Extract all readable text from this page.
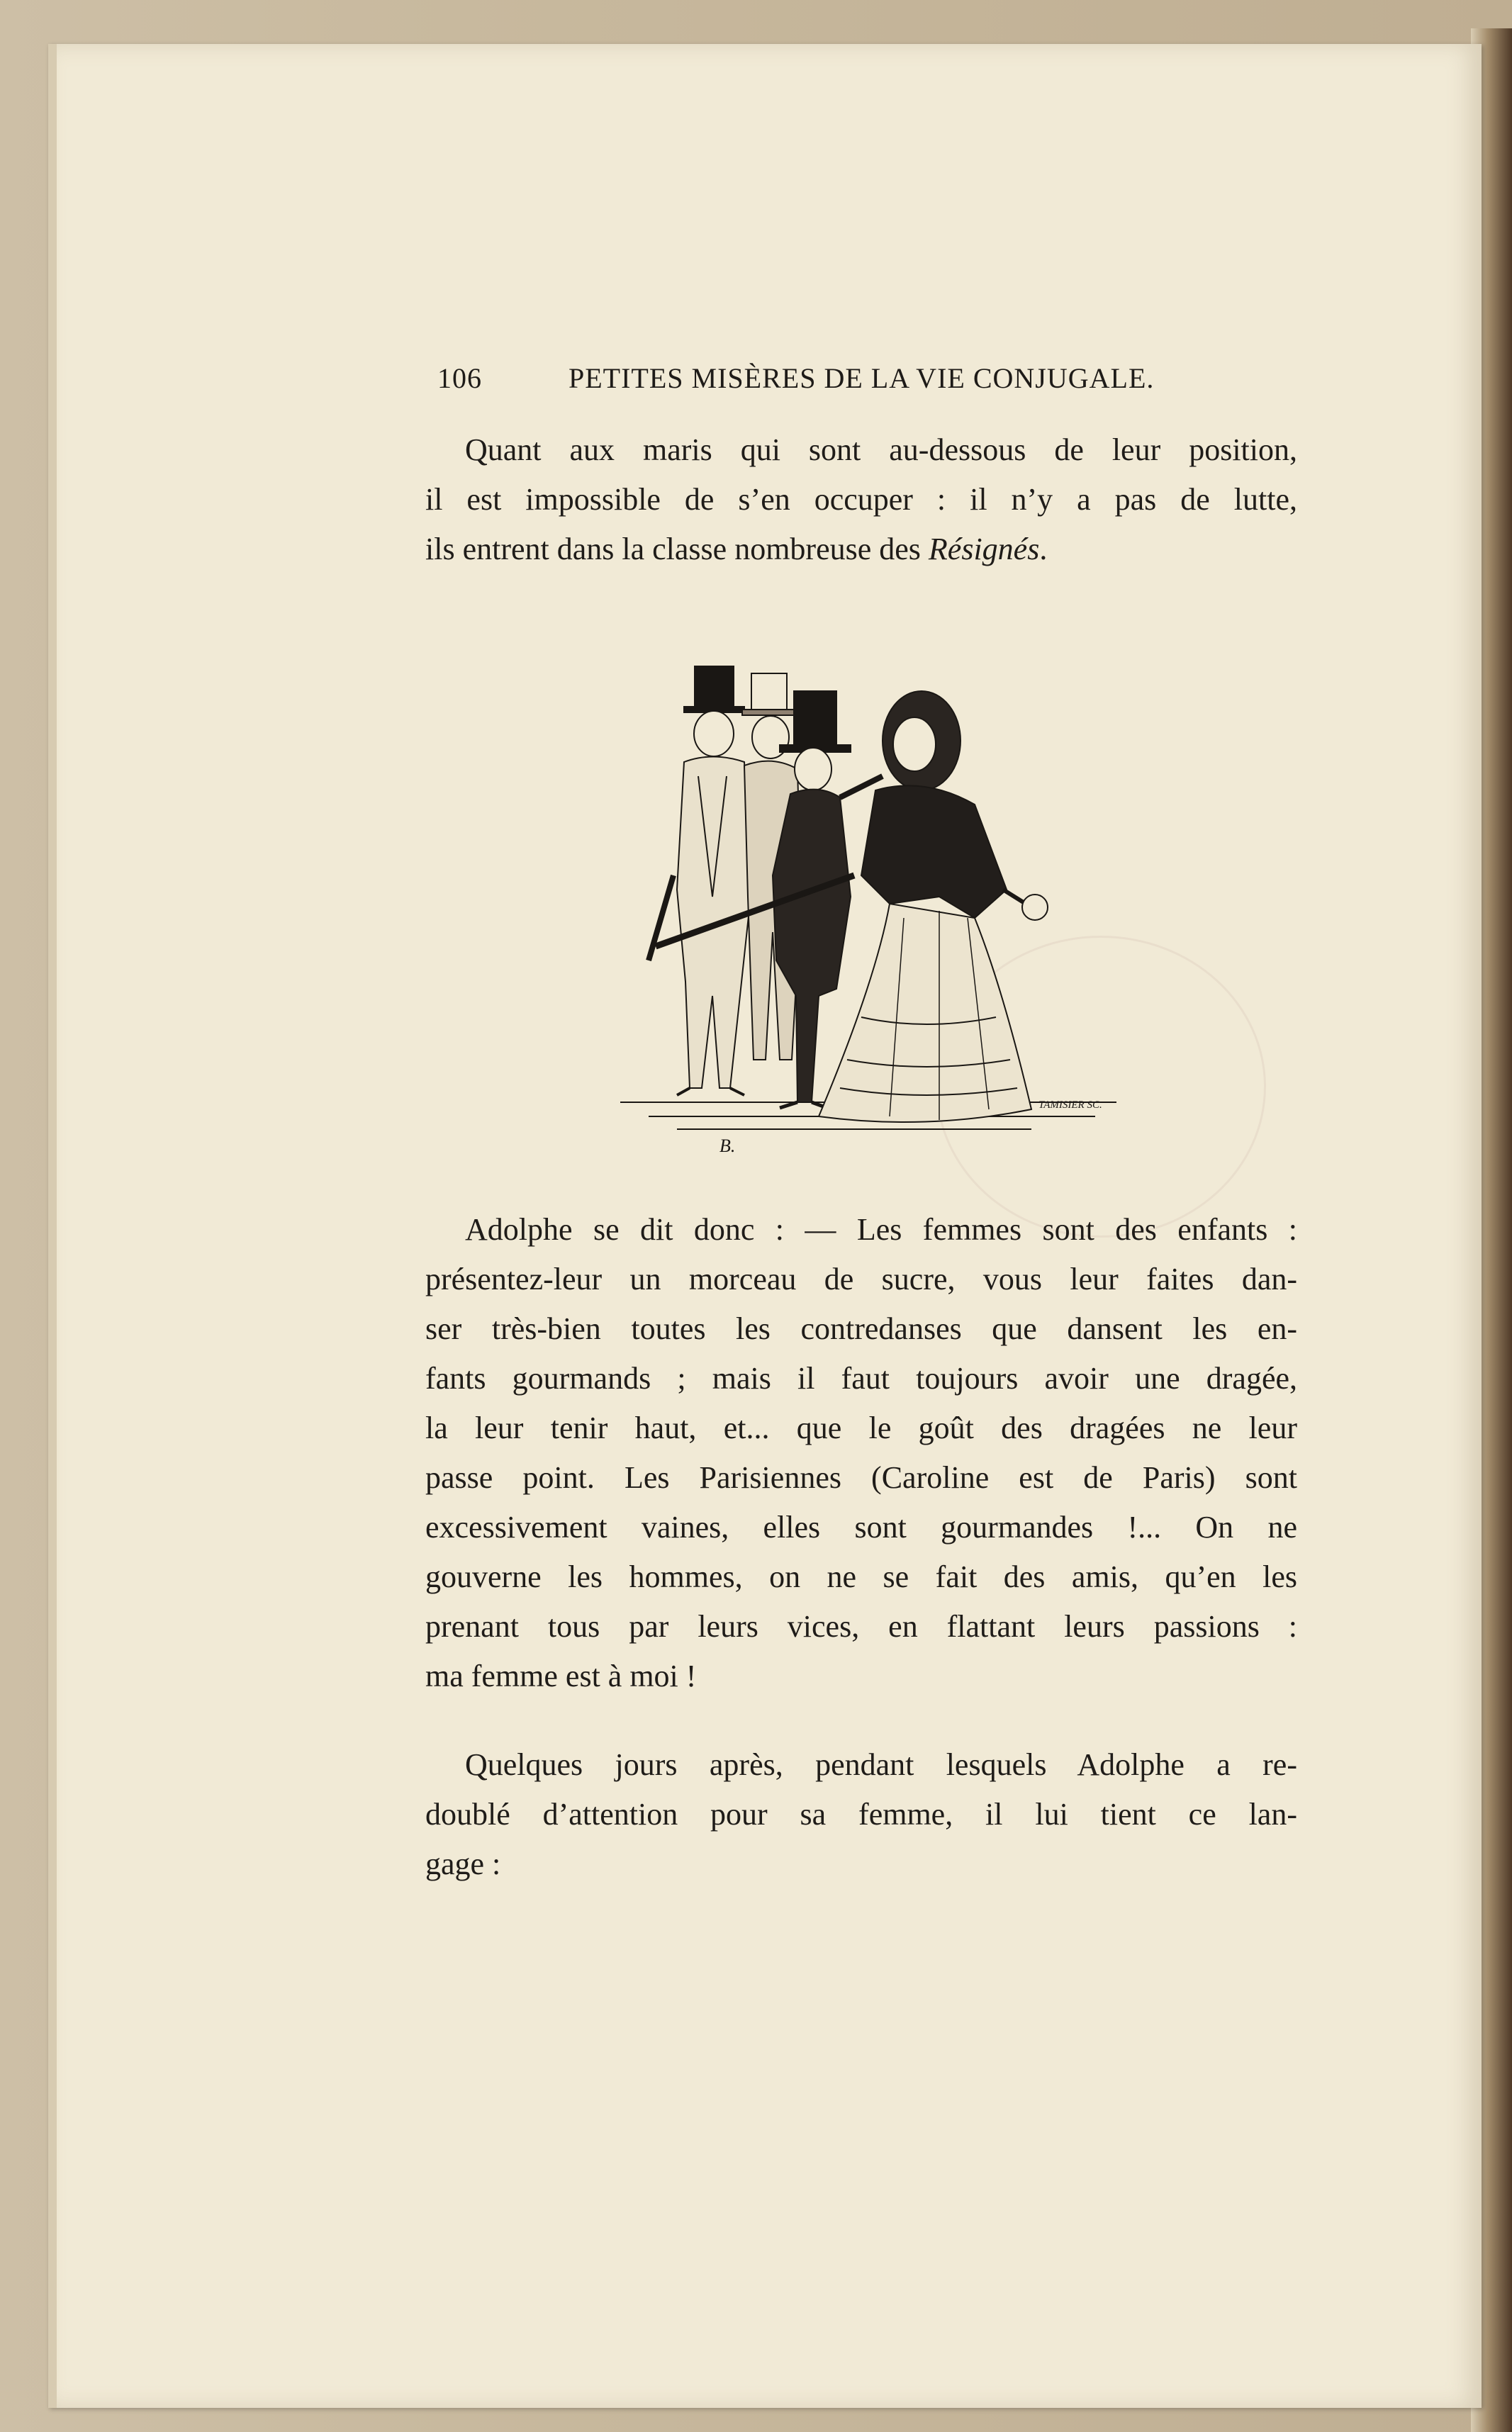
106	PETITES MISÈRES DE LA VIE CONJUGALE.

Quant aux maris qui sont au-dessous de leur position,
il est impossible de s’en occuper : il n’y a pas de lutte,
ils entrent dans la classe nombreuse des Résignés.

B.
TAMISIER SC.

Adolphe se dit donc : — Les femmes sont des enfants :
présentez-leur un morceau de sucre, vous leur faites dan-
ser très-bien toutes les contredanses que dansent les en-
fants gourmands ; mais il faut toujours avoir une dragée,
la leur tenir haut, et... que le goût des dragées ne leur
passe point. Les Parisiennes (Caroline est de Paris) sont
excessivement vaines, elles sont gourmandes !... On ne
gouverne les hommes, on ne se fait des amis, qu’en les
prenant tous par leurs vices, en flattant leurs passions :
ma femme est à moi !

Quelques jours après, pendant lesquels Adolphe a re-
doublé d’attention pour sa femme, il lui tient ce lan-
gage :
